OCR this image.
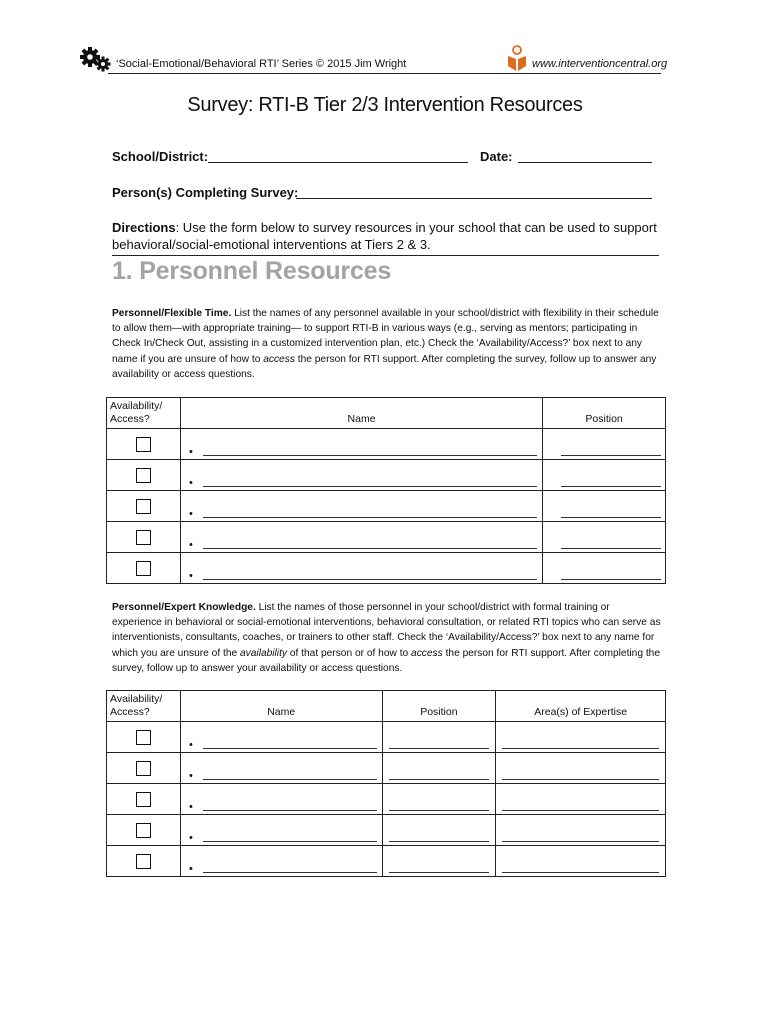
‘Social-Emotional/Behavioral RTI’ Series © 2015 Jim Wright	www.interventioncentral.org
Survey: RTI-B Tier 2/3 Intervention Resources
School/District:	Date:
Person(s) Completing Survey:
Directions: Use the form below to survey resources in your school that can be used to support behavioral/social-emotional interventions at Tiers 2 & 3.
1. Personnel Resources
Personnel/Flexible Time. List the names of any personnel available in your school/district with flexibility in their schedule to allow them—with appropriate training— to support RTI-B in various ways (e.g., serving as mentors; participating in Check In/Check Out, assisting in a customized intervention plan, etc.) Check the ‘Availability/Access?’ box next to any name if you are unsure of how to access the person for RTI support. After completing the survey, follow up to answer any availability or access questions.
Availability/ Access?	Name	Position

	•	

	•	

	•	

	•	

	•	

Personnel/Expert Knowledge. List the names of those personnel in your school/district with formal training or experience in behavioral or social-emotional interventions, behavioral consultation, or related RTI topics who can serve as interventionists, consultants, coaches, or trainers to other staff. Check the ‘Availability/Access?’ box next to any name for which you are unsure of the availability of that person or of how to access the person for RTI support. After completing the survey, follow up to answer your availability or access questions.
Availability/ Access?	Name	Position	Area(s) of Expertise

	•		

	•		

	•		

	•		

	•		
